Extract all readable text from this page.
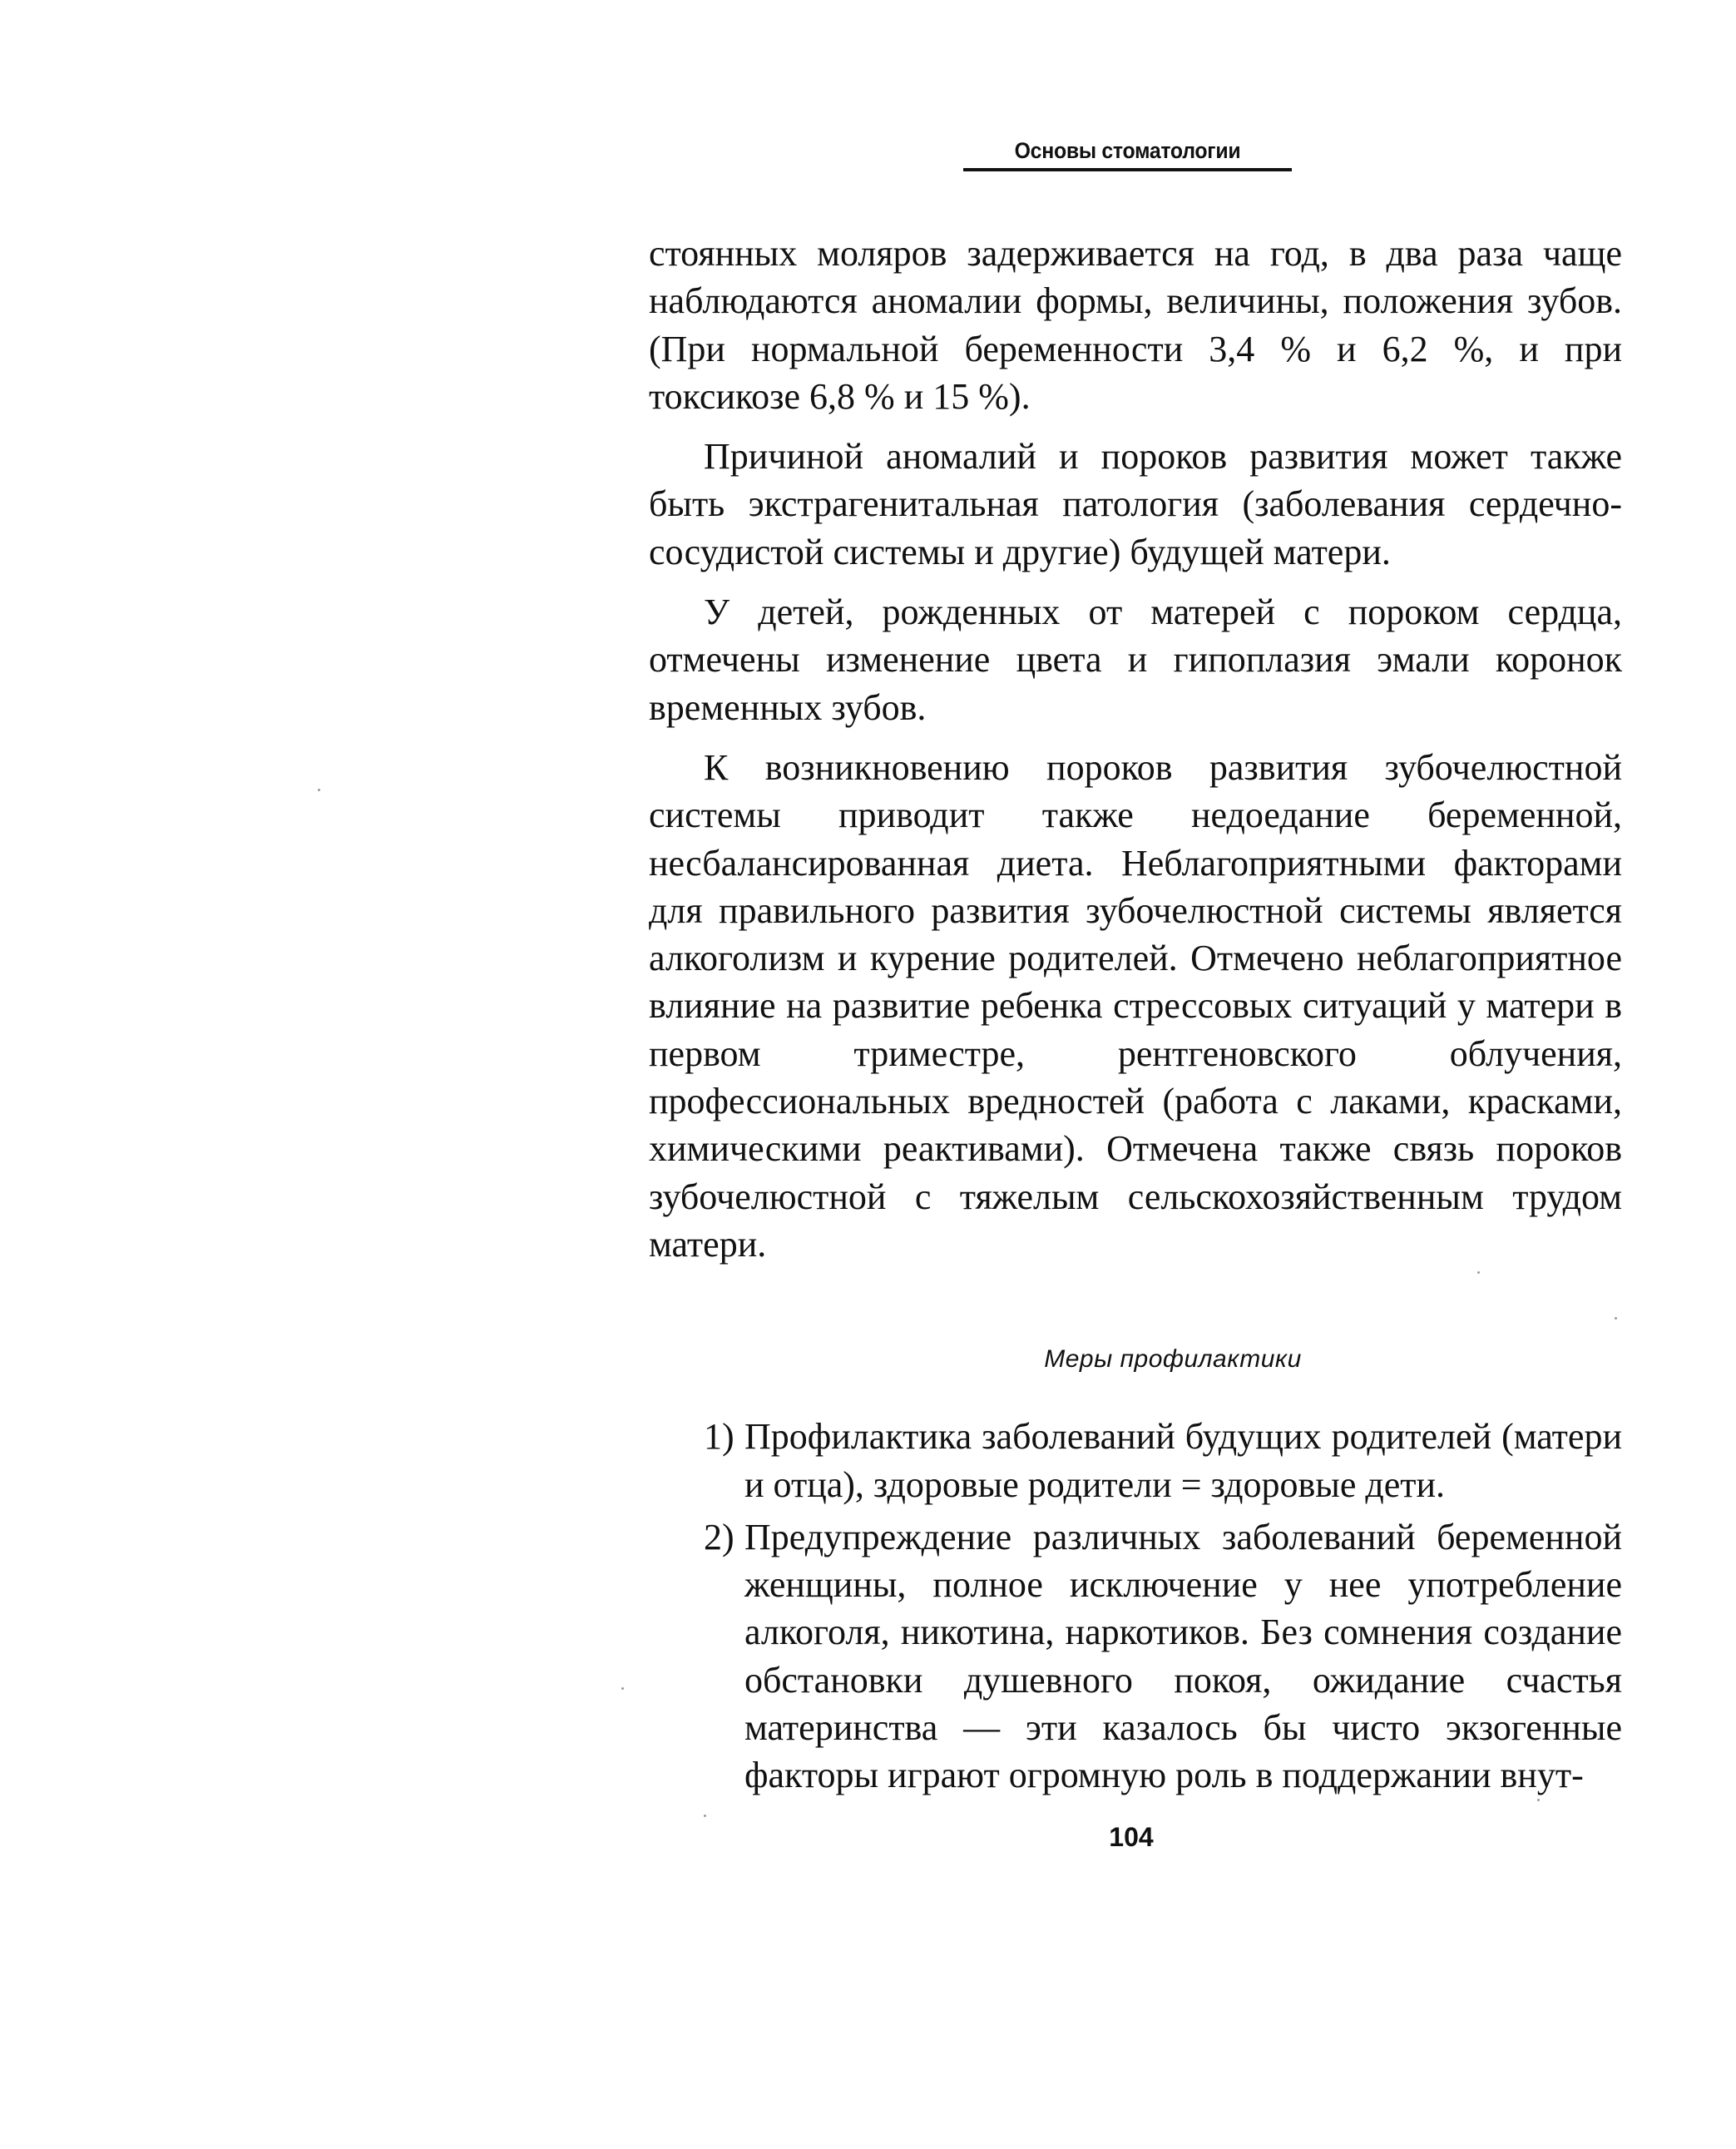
Основы стоматологии

стоянных моляров задерживается на год, в два раза чаще наблюдаются аномалии формы, величины, положения зубов. (При нормальной беременности 3,4 % и 6,2 %, и при токсикозе 6,8 % и 15 %).

Причиной аномалий и пороков развития может также быть экстрагенитальная патология (заболевания сердечно-сосудистой системы и другие) будущей матери.

У детей, рожденных от матерей с пороком сердца, отмечены изменение цвета и гипоплазия эмали коронок временных зубов.

К возникновению пороков развития зубочелюстной системы приводит также недоедание беременной, несбалансированная диета. Неблагоприятными факторами для правильного развития зубочелюстной системы является алкоголизм и курение родителей. Отмечено неблагоприятное влияние на развитие ребенка стрессовых ситуаций у матери в первом триместре, рентгеновского облучения, профессиональных вредностей (работа с лаками, красками, химическими реактивами). Отмечена также связь пороков зубочелюстной с тяжелым сельскохозяйственным трудом матери.

Меры профилактики
1) Профилактика заболеваний будущих родителей (матери и отца), здоровые родители = здоровые дети.
2) Предупреждение различных заболеваний беременной женщины, полное исключение у нее употребление алкоголя, никотина, наркотиков. Без сомнения создание обстановки душевного покоя, ожидание счастья материнства — эти казалось бы чисто экзогенные факторы играют огромную роль в поддержании внут-
104
